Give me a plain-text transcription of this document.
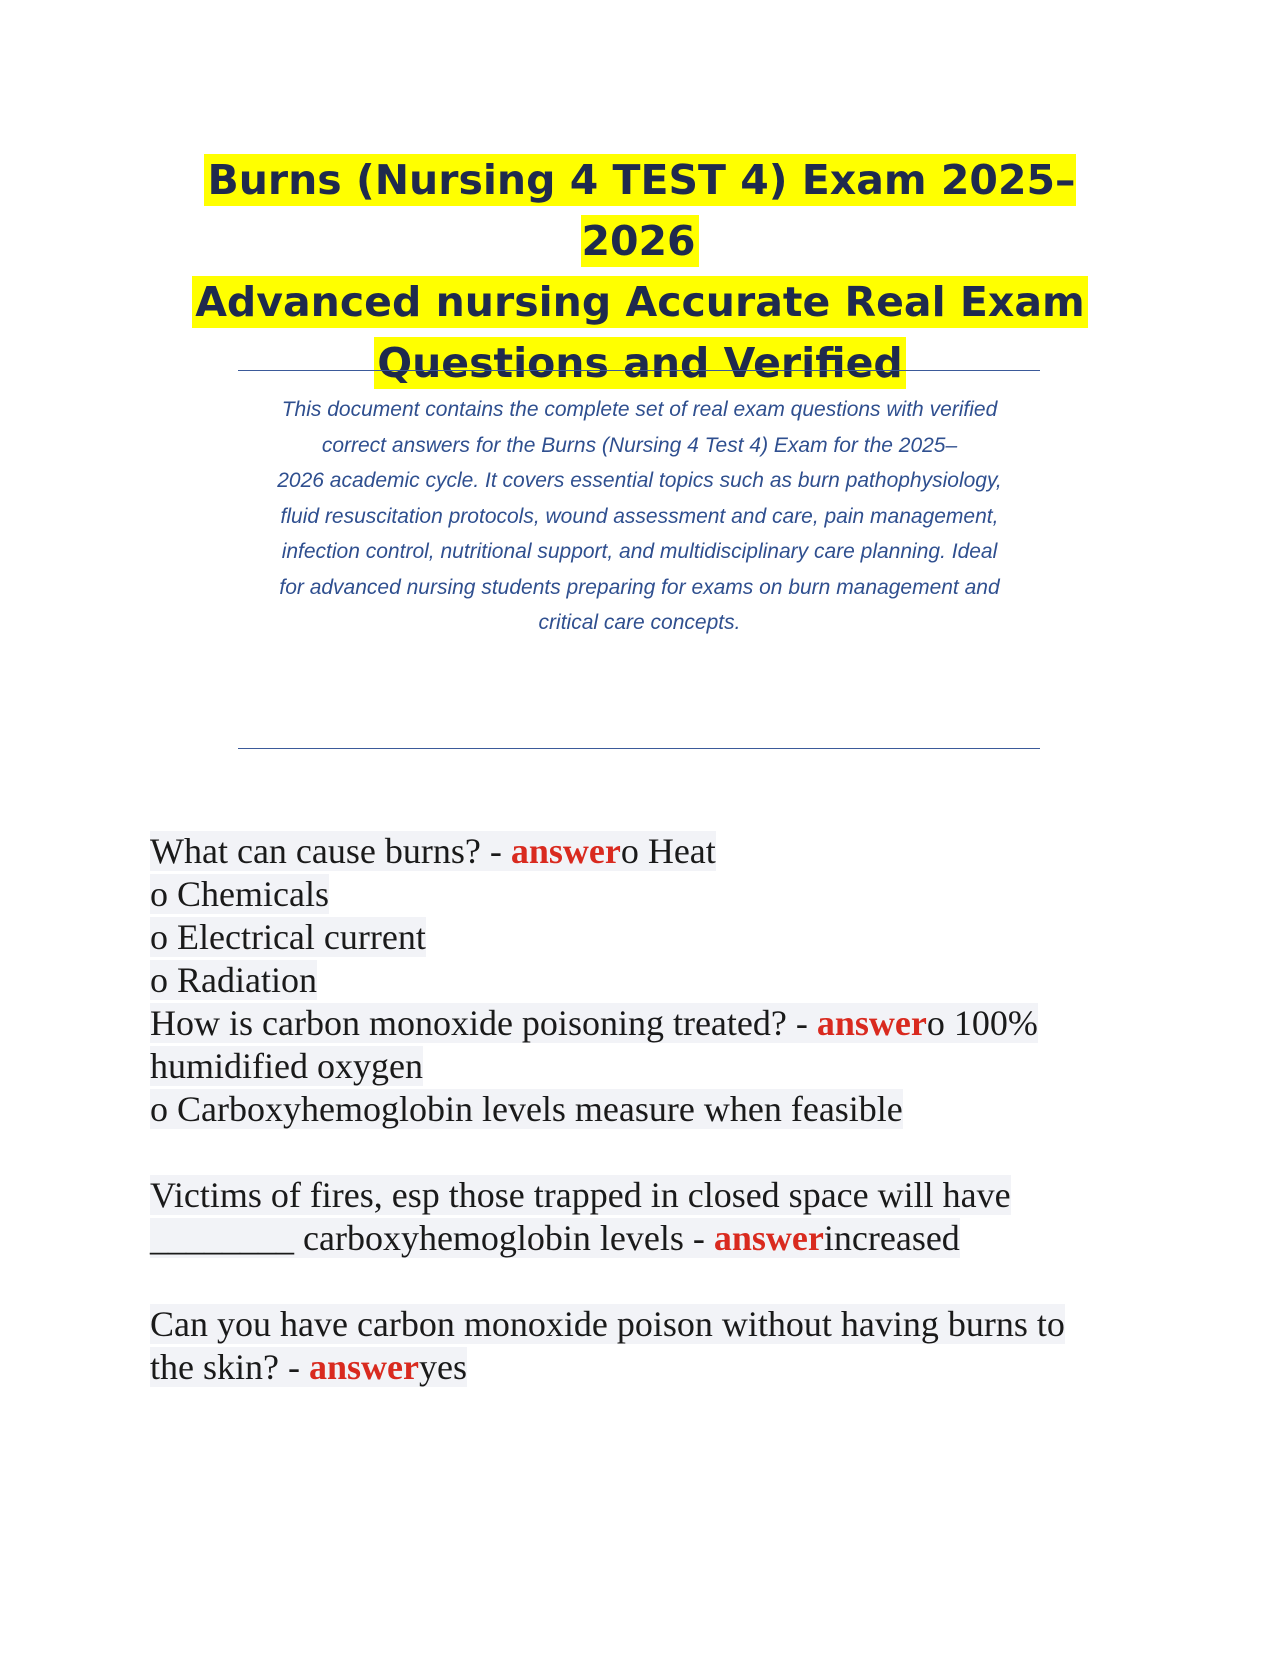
Burns (Nursing 4 TEST 4) Exam 2025–2026
Advanced nursing Accurate Real Exam
Questions and Verified
This document contains the complete set of real exam questions with verified
correct answers for the Burns (Nursing 4 Test 4) Exam for the 2025–
2026 academic cycle. It covers essential topics such as burn pathophysiology,
fluid resuscitation protocols, wound assessment and care, pain management,
infection control, nutritional support, and multidisciplinary care planning. Ideal
for advanced nursing students preparing for exams on burn management and
critical care concepts.
What can cause burns? - answero Heat
o Chemicals
o Electrical current
o Radiation
How is carbon monoxide poisoning treated? - answero 100%
humidified oxygen
o Carboxyhemoglobin levels measure when feasible
Victims of fires, esp those trapped in closed space will have
________ carboxyhemoglobin levels - answerincreased
Can you have carbon monoxide poison without having burns to
the skin? - answeryes
